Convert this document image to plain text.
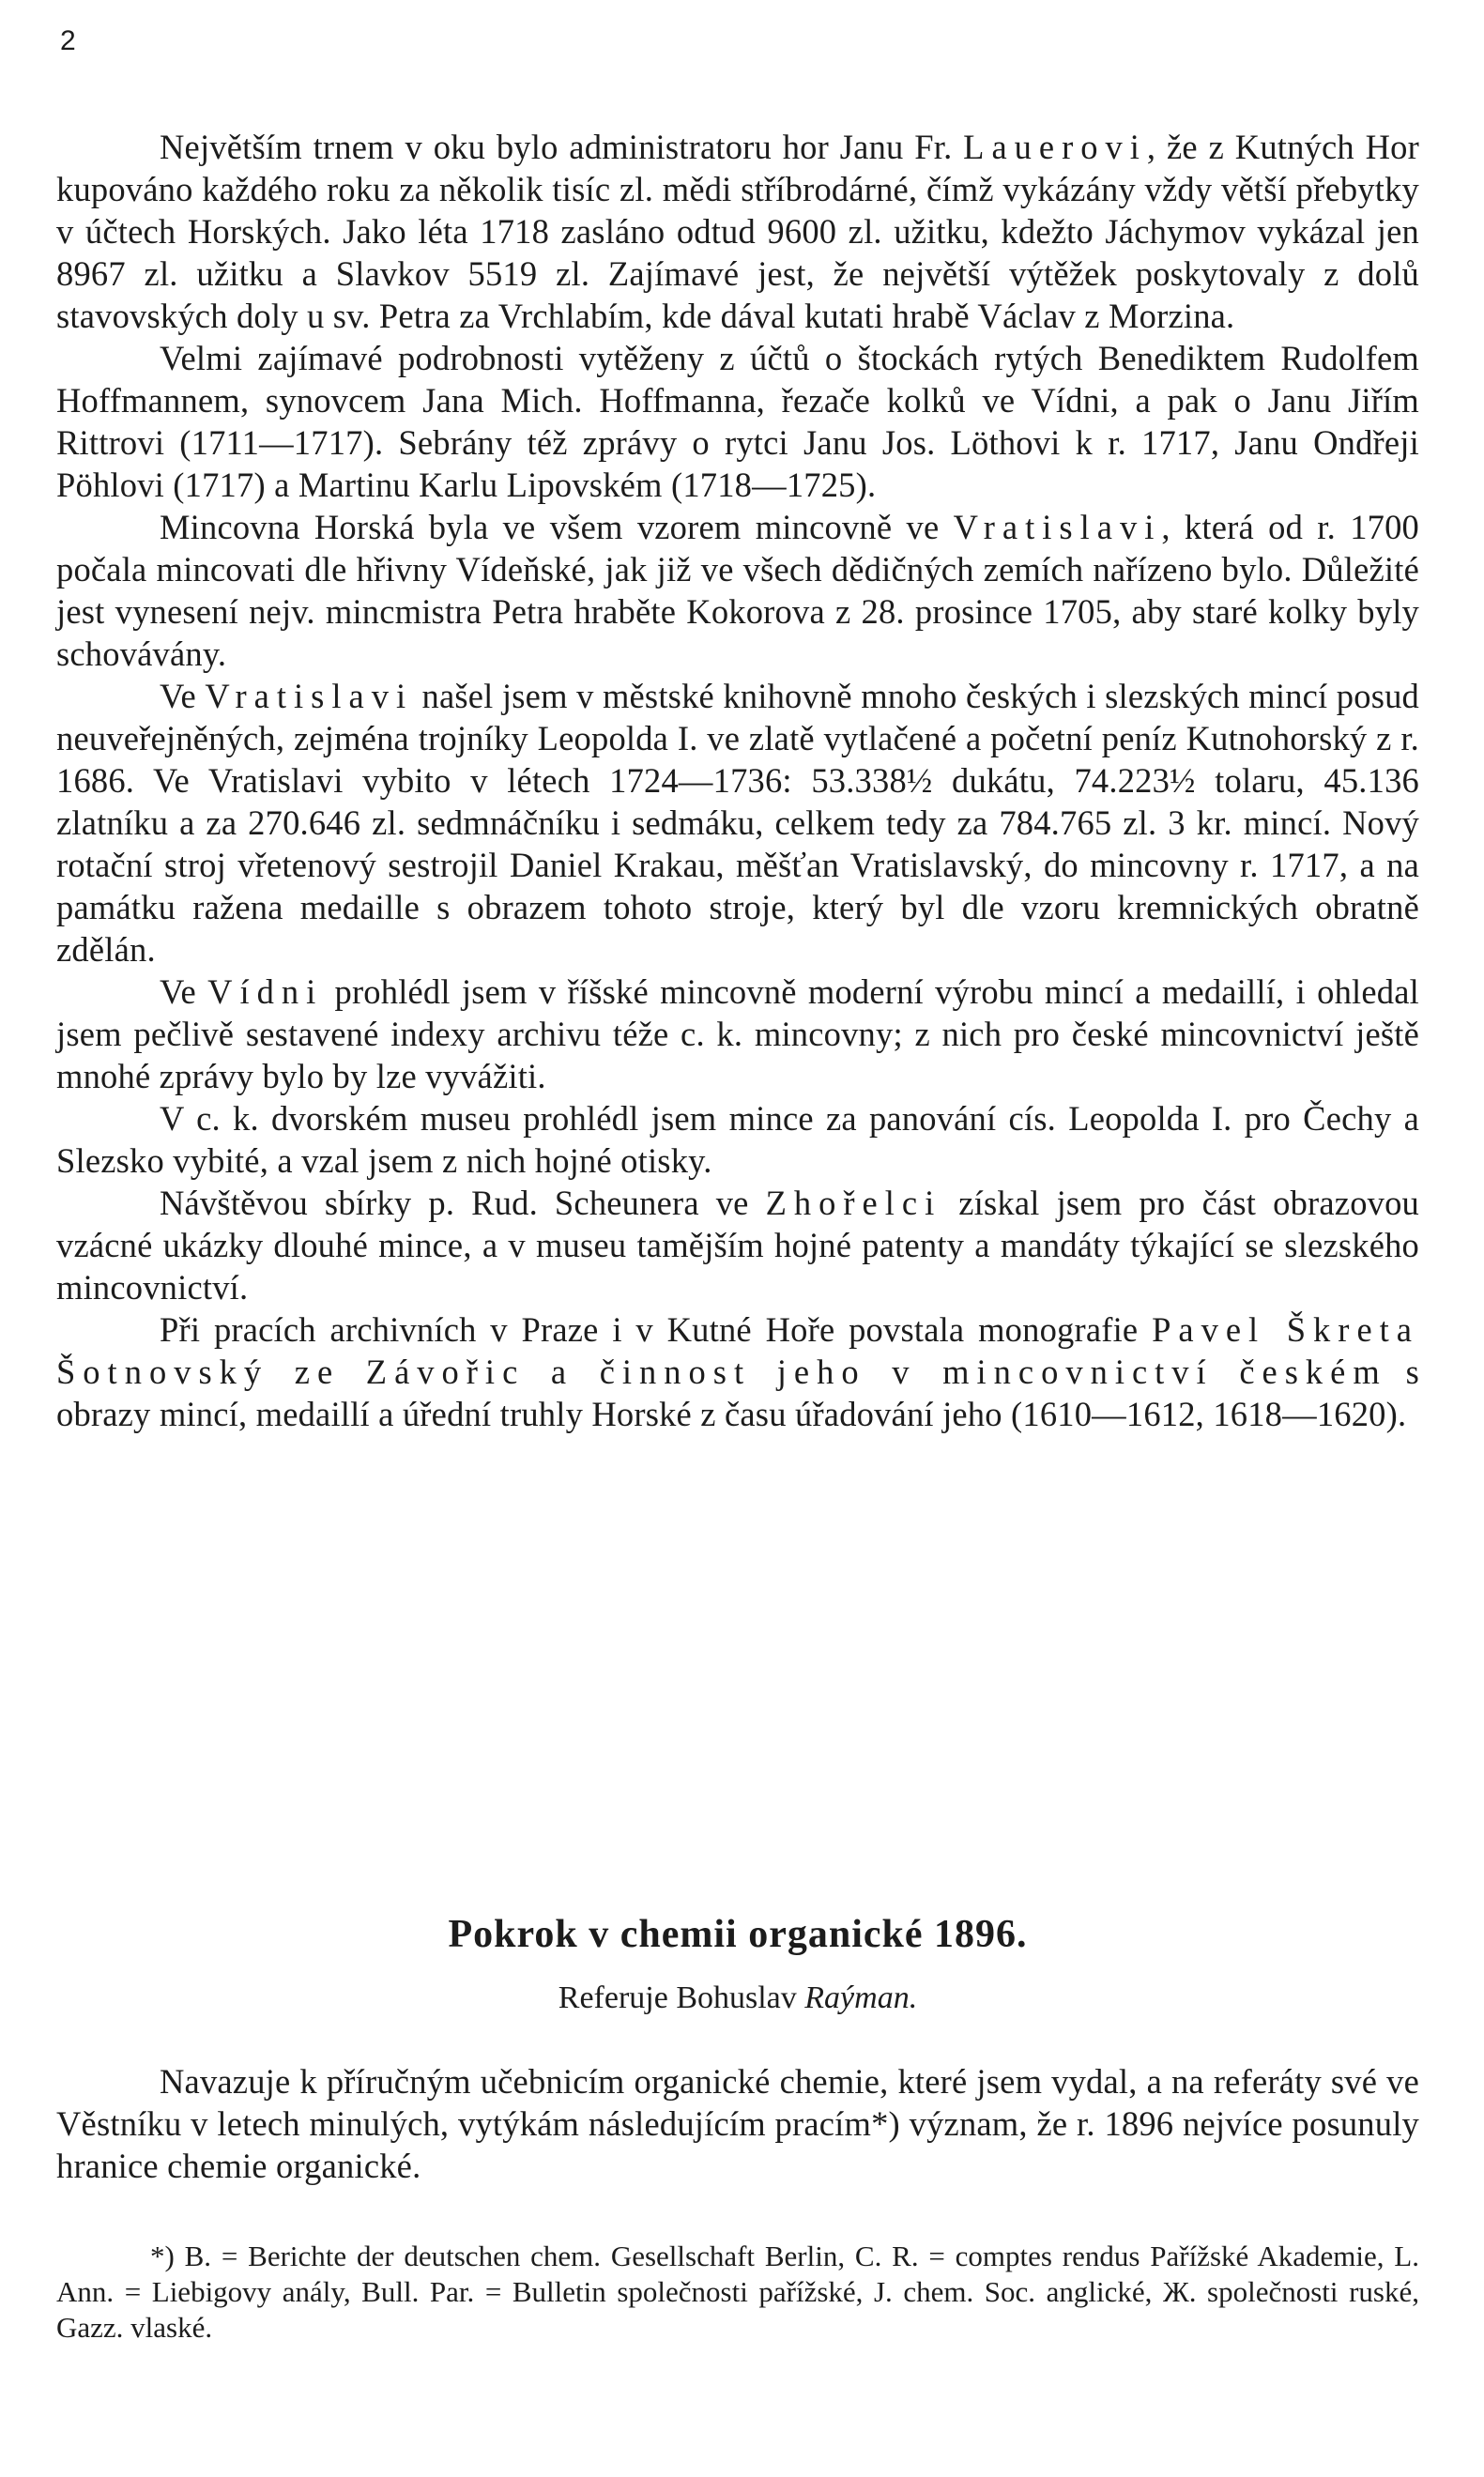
2

Největším trnem v oku bylo administratoru hor Janu Fr. Lauerovi, že z Kutných Hor kupováno každého roku za několik tisíc zl. mědi stříbrodárné, čímž vykázány vždy větší přebytky v účtech Horských. Jako léta 1718 zasláno odtud 9600 zl. užitku, kdežto Jáchymov vykázal jen 8967 zl. užitku a Slavkov 5519 zl. Zajímavé jest, že největší výtěžek poskytovaly z dolů stavovských doly u sv. Petra za Vrchlabím, kde dával kutati hrabě Václav z Morzina.

Velmi zajímavé podrobnosti vytěženy z účtů o štockách rytých Benediktem Rudolfem Hoffmannem, synovcem Jana Mich. Hoffmanna, řezače kolků ve Vídni, a pak o Janu Jiřím Rittrovi (1711—1717). Sebrány též zprávy o rytci Janu Jos. Löthovi k r. 1717, Janu Ondřeji Pöhlovi (1717) a Martinu Karlu Lipovském (1718—1725).

Mincovna Horská byla ve všem vzorem mincovně ve Vratislavi, která od r. 1700 počala mincovati dle hřivny Vídeňské, jak již ve všech dědičných zemích nařízeno bylo. Důležité jest vynesení nejv. mincmistra Petra hraběte Kokorova z 28. prosince 1705, aby staré kolky byly schovávány.

Ve Vratislavi našel jsem v městské knihovně mnoho českých i slezských mincí posud neuveřejněných, zejména trojníky Leopolda I. ve zlatě vytlačené a početní peníz Kutnohorský z r. 1686. Ve Vratislavi vybito v létech 1724—1736: 53.338½ dukátu, 74.223½ tolaru, 45.136 zlatníku a za 270.646 zl. sedmnáčníku i sedmáku, celkem tedy za 784.765 zl. 3 kr. mincí. Nový rotační stroj vřetenový sestrojil Daniel Krakau, měšťan Vratislavský, do mincovny r. 1717, a na památku ražena medaille s obrazem tohoto stroje, který byl dle vzoru kremnických obratně zdělán.

Ve Vídni prohlédl jsem v říšské mincovně moderní výrobu mincí a medaillí, i ohledal jsem pečlivě sestavené indexy archivu téže c. k. mincovny; z nich pro české mincovnictví ještě mnohé zprávy bylo by lze vyvážiti.

V c. k. dvorském museu prohlédl jsem mince za panování cís. Leopolda I. pro Čechy a Slezsko vybité, a vzal jsem z nich hojné otisky.

Návštěvou sbírky p. Rud. Scheunera ve Zhořelci získal jsem pro část obrazovou vzácné ukázky dlouhé mince, a v museu tamějším hojné patenty a mandáty týkající se slezského mincovnictví.

Při pracích archivních v Praze i v Kutné Hoře povstala monografie Pavel Škreta Šotnovský ze Závořic a činnost jeho v mincovnictví českém s obrazy mincí, medaillí a úřední truhly Horské z času úřadování jeho (1610—1612, 1618—1620).

Pokrok v chemii organické 1896.

Referuje Bohuslav Raýman.

Navazuje k příručným učebnicím organické chemie, které jsem vydal, a na referáty své ve Věstníku v letech minulých, vytýkám následujícím pracím*) význam, že r. 1896 nejvíce posunuly hranice chemie organické.

*) B. = Berichte der deutschen chem. Gesellschaft Berlin, C. R. = comptes rendus Pařížské Akademie, L. Ann. = Liebigovy anály, Bull. Par. = Bulletin společnosti pařížské, J. chem. Soc. anglické, Ж. společnosti ruské, Gazz. vlaské.
